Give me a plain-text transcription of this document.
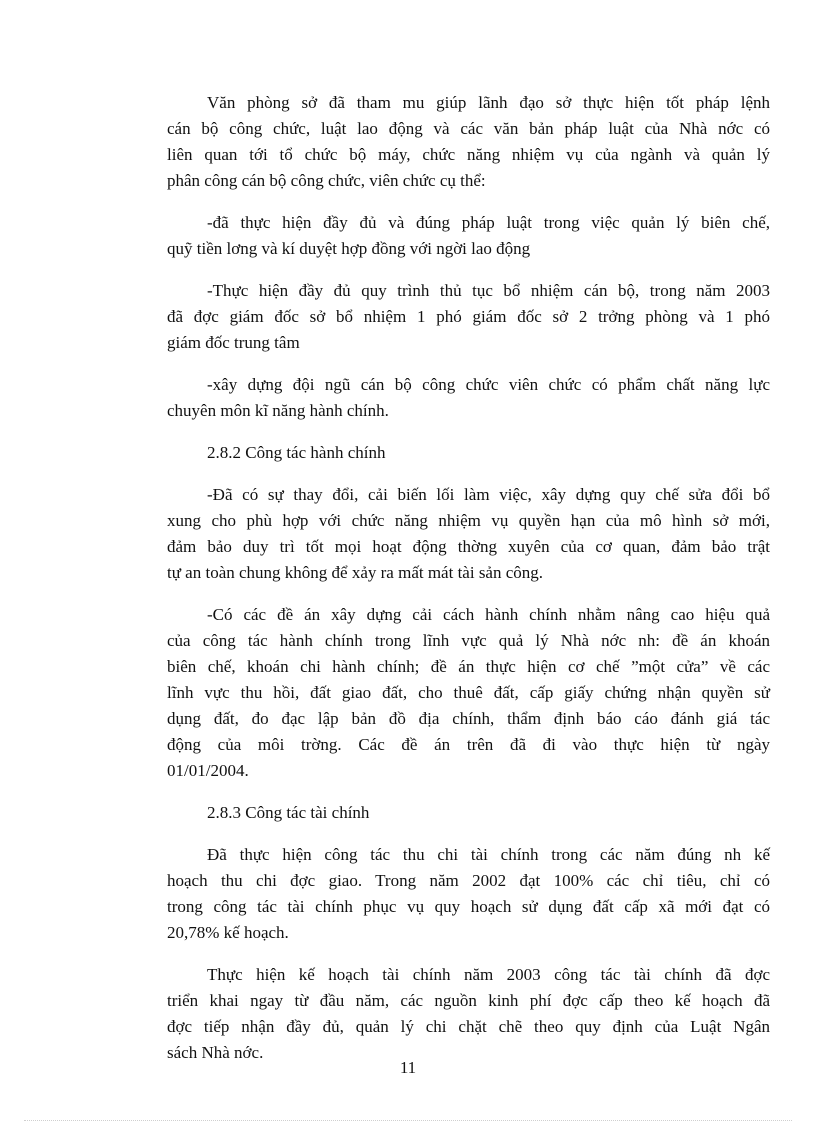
Văn phòng sở đã tham mu giúp lãnh đạo sở thực hiện tốt pháp lệnh
cán bộ công chức, luật lao động và các văn bản pháp luật của Nhà nớc có
liên quan tới tổ chức bộ máy, chức năng nhiệm vụ của ngành và quản lý
phân công cán bộ công chức, viên chức cụ thể:
-đã thực hiện đầy đủ và đúng pháp luật trong việc quản lý biên chế,
quỹ tiền lơng và kí duyệt hợp đồng với ngời lao động
-Thực hiện đầy đủ quy trình thủ tục bổ nhiệm cán bộ, trong năm 2003
đã đợc giám đốc sở bổ nhiệm 1 phó giám đốc sở 2 trởng phòng và 1 phó
giám đốc trung tâm
-xây dựng đội ngũ cán bộ công chức viên chức có phẩm chất năng lực
chuyên môn kĩ năng hành chính.
2.8.2 Công tác hành chính
-Đã có sự thay đổi, cải biến lối làm việc, xây dựng quy chế sửa đổi bổ
xung cho phù hợp với chức năng nhiệm vụ quyền hạn của mô hình sở mới,
đảm bảo duy trì tốt mọi hoạt động thờng xuyên của cơ quan, đảm bảo trật
tự an toàn chung không để xảy ra mất mát tài sản công.
-Có các đề án xây dựng cải cách hành chính nhằm nâng cao hiệu quả
của công tác hành chính trong lĩnh vực quả lý Nhà nớc nh: đề án khoán
biên chế, khoán chi hành chính; đề án thực hiện cơ chế ”một cửa” về các
lĩnh vực thu hồi, đất giao đất, cho thuê đất, cấp giấy chứng nhận quyền sử
dụng đất, đo đạc lập bản đồ địa chính, thẩm định báo cáo đánh giá tác
động của môi trờng. Các đề án trên đã đi vào thực hiện từ ngày
01/01/2004.
2.8.3 Công tác tài chính
Đã thực hiện công tác thu chi tài chính trong các năm đúng nh kế
hoạch thu chi đợc giao. Trong năm 2002 đạt 100% các chỉ tiêu, chỉ có
trong công tác tài chính phục vụ quy hoạch sử dụng đất cấp xã mới đạt có
20,78% kế hoạch.
Thực hiện kế hoạch tài chính năm 2003 công tác tài chính đã đợc
triển khai ngay từ đầu năm, các nguồn kinh phí đợc cấp theo kế hoạch đã
đợc tiếp nhận đầy đủ, quản lý chi chặt chẽ theo quy định của Luật Ngân
sách Nhà nớc.
11
